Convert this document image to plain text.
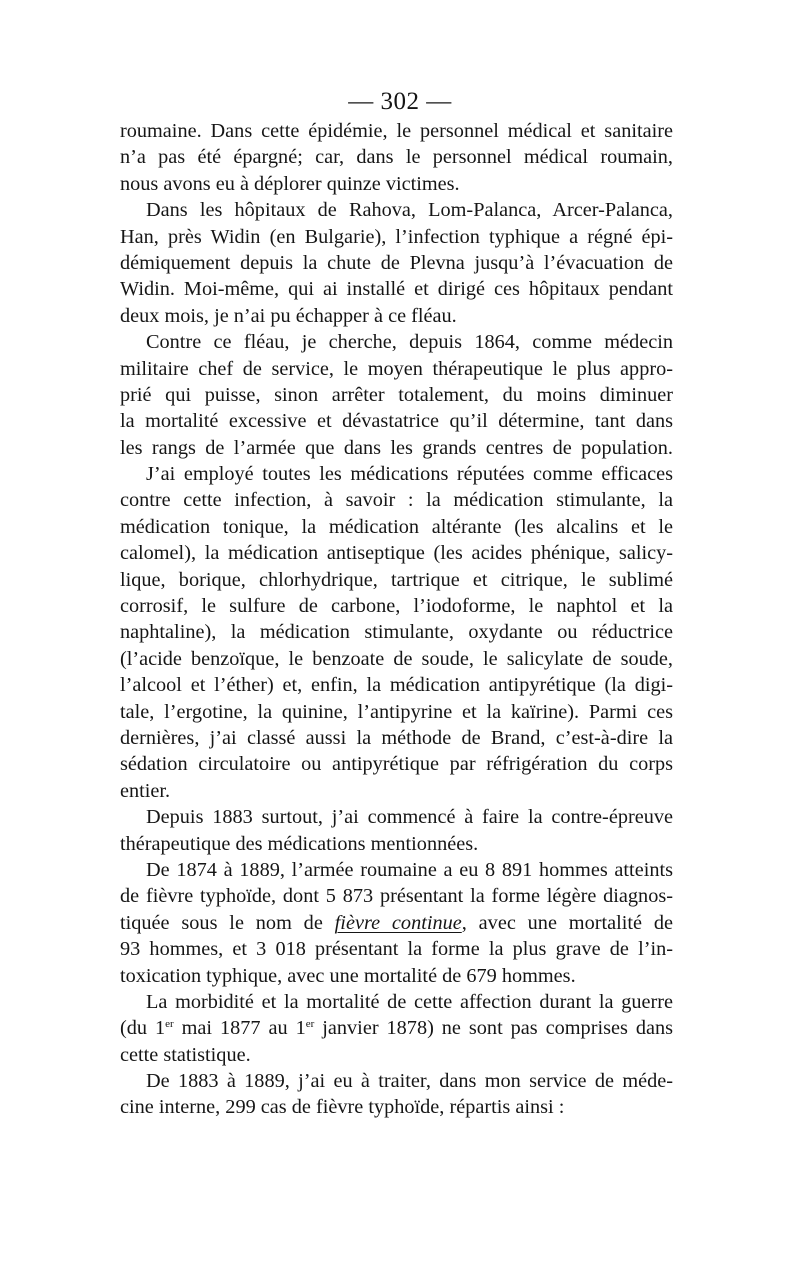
— 302 —
roumaine. Dans cette épidémie, le personnel médical et sanitaire
n’a pas été épargné; car, dans le personnel médical roumain,
nous avons eu à déplorer quinze victimes.
Dans les hôpitaux de Rahova, Lom-Palanca, Arcer-Palanca,
Han, près Widin (en Bulgarie), l’infection typhique a régné épi-
démiquement depuis la chute de Plevna jusqu’à l’évacuation de
Widin. Moi-même, qui ai installé et dirigé ces hôpitaux pendant
deux mois, je n’ai pu échapper à ce fléau.
Contre ce fléau, je cherche, depuis 1864, comme médecin
militaire chef de service, le moyen thérapeutique le plus appro-
prié qui puisse, sinon arrêter totalement, du moins diminuer
la mortalité excessive et dévastatrice qu’il détermine, tant dans
les rangs de l’armée que dans les grands centres de population.
J’ai employé toutes les médications réputées comme efficaces
contre cette infection, à savoir : la médication stimulante, la
médication tonique, la médication altérante (les alcalins et le
calomel), la médication antiseptique (les acides phénique, salicy-
lique, borique, chlorhydrique, tartrique et citrique, le sublimé
corrosif, le sulfure de carbone, l’iodoforme, le naphtol et la
naphtaline), la médication stimulante, oxydante ou réductrice
(l’acide benzoïque, le benzoate de soude, le salicylate de soude,
l’alcool et l’éther) et, enfin, la médication antipyrétique (la digi-
tale, l’ergotine, la quinine, l’antipyrine et la kaïrine). Parmi ces
dernières, j’ai classé aussi la méthode de Brand, c’est-à-dire la
sédation circulatoire ou antipyrétique par réfrigération du corps
entier.
Depuis 1883 surtout, j’ai commencé à faire la contre-épreuve
thérapeutique des médications mentionnées.
De 1874 à 1889, l’armée roumaine a eu 8 891 hommes atteints
de fièvre typhoïde, dont 5 873 présentant la forme légère diagnos-
tiquée sous le nom de fièvre continue, avec une mortalité de
93 hommes, et 3 018 présentant la forme la plus grave de l’in-
toxication typhique, avec une mortalité de 679 hommes.
La morbidité et la mortalité de cette affection durant la guerre
(du 1er mai 1877 au 1er janvier 1878) ne sont pas comprises dans
cette statistique.
De 1883 à 1889, j’ai eu à traiter, dans mon service de méde-
cine interne, 299 cas de fièvre typhoïde, répartis ainsi :
